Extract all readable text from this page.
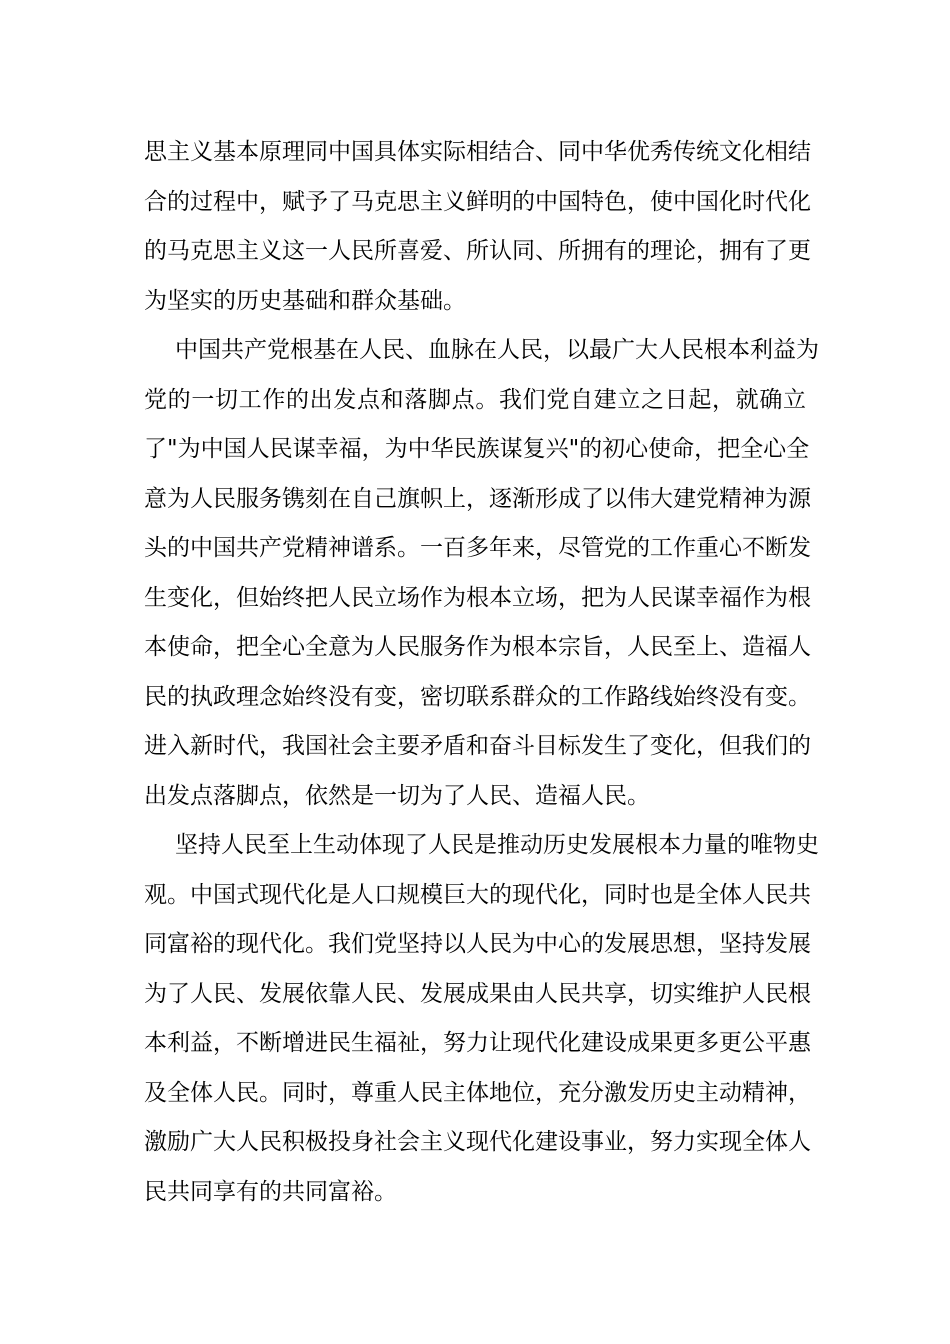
思主义基本原理同中国具体实际相结合、同中华优秀传统文化相结
合的过程中，赋予了马克思主义鲜明的中国特色，使中国化时代化
的马克思主义这一人民所喜爱、所认同、所拥有的理论，拥有了更
为坚实的历史基础和群众基础。
中国共产党根基在人民、血脉在人民，以最广大人民根本利益为
党的一切工作的出发点和落脚点。我们党自建立之日起，就确立
了"为中国人民谋幸福，为中华民族谋复兴"的初心使命，把全心全
意为人民服务镌刻在自己旗帜上，逐渐形成了以伟大建党精神为源
头的中国共产党精神谱系。一百多年来，尽管党的工作重心不断发
生变化，但始终把人民立场作为根本立场，把为人民谋幸福作为根
本使命，把全心全意为人民服务作为根本宗旨，人民至上、造福人
民的执政理念始终没有变，密切联系群众的工作路线始终没有变。
进入新时代，我国社会主要矛盾和奋斗目标发生了变化，但我们的
出发点落脚点，依然是一切为了人民、造福人民。
坚持人民至上生动体现了人民是推动历史发展根本力量的唯物史
观。中国式现代化是人口规模巨大的现代化，同时也是全体人民共
同富裕的现代化。我们党坚持以人民为中心的发展思想，坚持发展
为了人民、发展依靠人民、发展成果由人民共享，切实维护人民根
本利益，不断增进民生福祉，努力让现代化建设成果更多更公平惠
及全体人民。同时，尊重人民主体地位，充分激发历史主动精神，
激励广大人民积极投身社会主义现代化建设事业，努力实现全体人
民共同享有的共同富裕。
